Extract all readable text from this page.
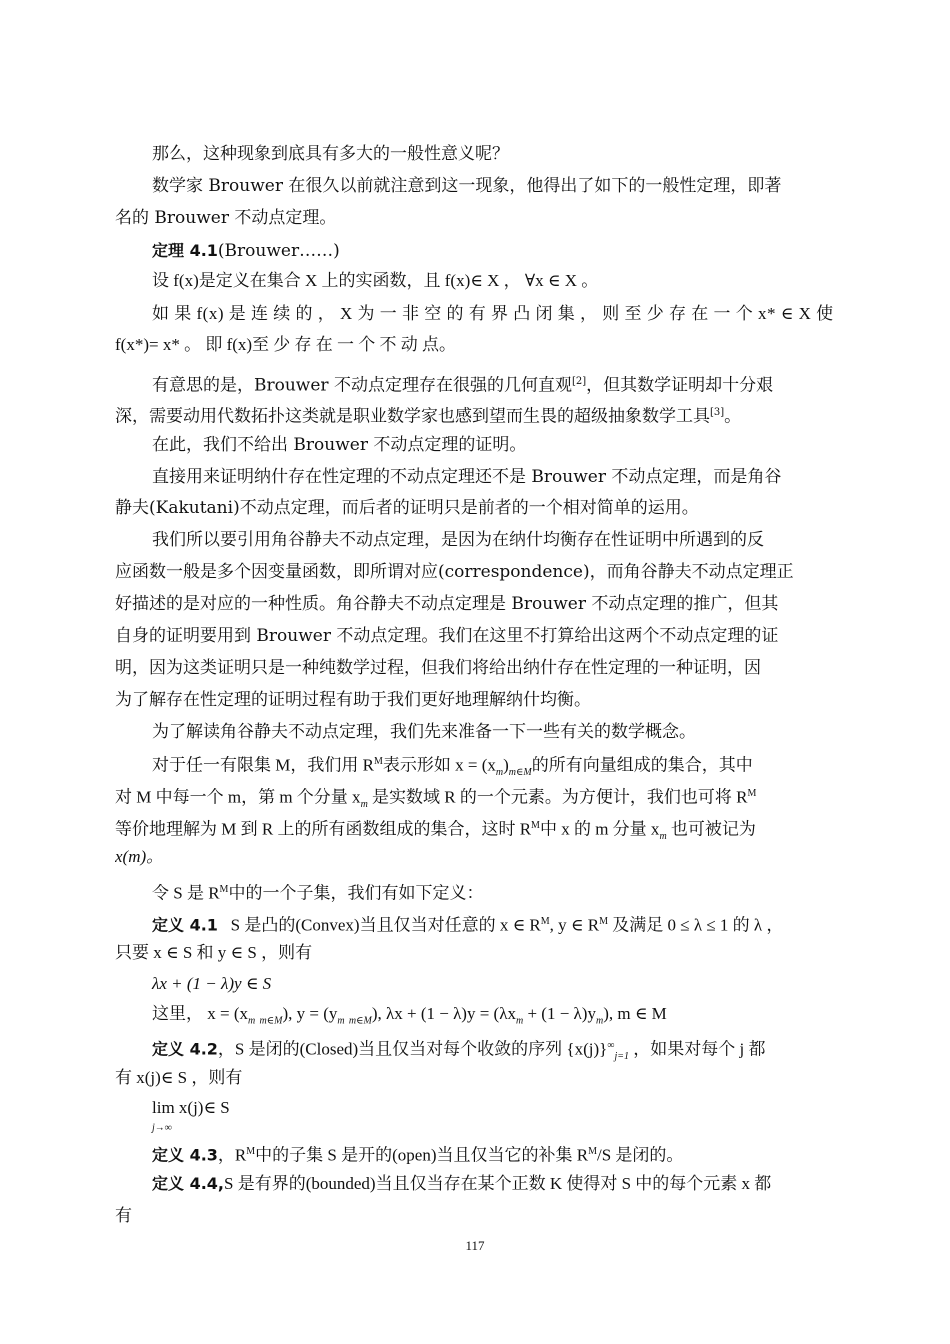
那么，这种现象到底具有多大的一般性意义呢？
数学家 Brouwer 在很久以前就注意到这一现象，他得出了如下的一般性定理，即著
名的 Brouwer 不动点定理。
定理 4.1(Brouwer……)
设 f(x)是定义在集合 X 上的实函数，且 f(x)∈ X ， ∀x ∈ X 。
如 果 f(x) 是 连 续 的 ， X 为 一 非 空 的 有 界 凸 闭 集 ， 则 至 少 存 在 一 个 x* ∈ X 使
f(x*)= x* 。 即 f(x)至 少 存 在 一 个 不 动 点。
有意思的是，Brouwer 不动点定理存在很强的几何直观[2]，但其数学证明却十分艰
深，需要动用代数拓扑这类就是职业数学家也感到望而生畏的超级抽象数学工具[3]。
在此，我们不给出 Brouwer 不动点定理的证明。
直接用来证明纳什存在性定理的不动点定理还不是 Brouwer 不动点定理，而是角谷
静夫(Kakutani)不动点定理，而后者的证明只是前者的一个相对简单的运用。
我们所以要引用角谷静夫不动点定理，是因为在纳什均衡存在性证明中所遇到的反
应函数一般是多个因变量函数，即所谓对应(correspondence)，而角谷静夫不动点定理正
好描述的是对应的一种性质。角谷静夫不动点定理是 Brouwer 不动点定理的推广，但其
自身的证明要用到 Brouwer 不动点定理。我们在这里不打算给出这两个不动点定理的证
明，因为这类证明只是一种纯数学过程，但我们将给出纳什存在性定理的一种证明，因
为了解存在性定理的证明过程有助于我们更好地理解纳什均衡。
为了解读角谷静夫不动点定理，我们先来准备一下一些有关的数学概念。
对于任一有限集 M，我们用 $R^M$表示形如 $x = (x_m)_{m\in M}$的所有向量组成的集合，其中
对 M 中每一个 m，第 m 个分量 $x_m$ 是实数域 R 的一个元素。为方便计，我们也可将 $R^M$
等价地理解为 M 到 R 上的所有函数组成的集合，这时 $R^M$中 x 的 m 分量 $x_m$ 也可被记为
x(m)。
令 S 是 $R^M$中的一个子集，我们有如下定义：
定义 4.1 S 是凸的(Convex)当且仅当对任意的 x ∈ $R^M$, y ∈ $R^M$ 及满足 0 ≤ λ ≤ 1 的 λ ，
只要 x ∈ S 和 y ∈ S ，则有
λx + (1 − λ)y ∈ S
这里， $x = (x_m$ $_{m\in M}$), $y = (y_m$ $_{m\in M}$), $\lambda x + (1 - \lambda)y = (\lambda x_m + (1 - \lambda)y_m)$, m ∈ M
定义 4.2，S 是闭的(Closed)当且仅当对每个收敛的序列 $\{x(j)\}^\infty_{j=1}$ ，如果对每个 j 都
有 x(j)∈ S ，则有
lim x(j)∈ S
$_{j\to\infty}$
定义 4.3，$R^M$中的子集 S 是开的(open)当且仅当它的补集 $R^M/S$ 是闭的。
定义 4.4,S 是有界的(bounded)当且仅当存在某个正数 K 使得对 S 中的每个元素 x 都
有
117
